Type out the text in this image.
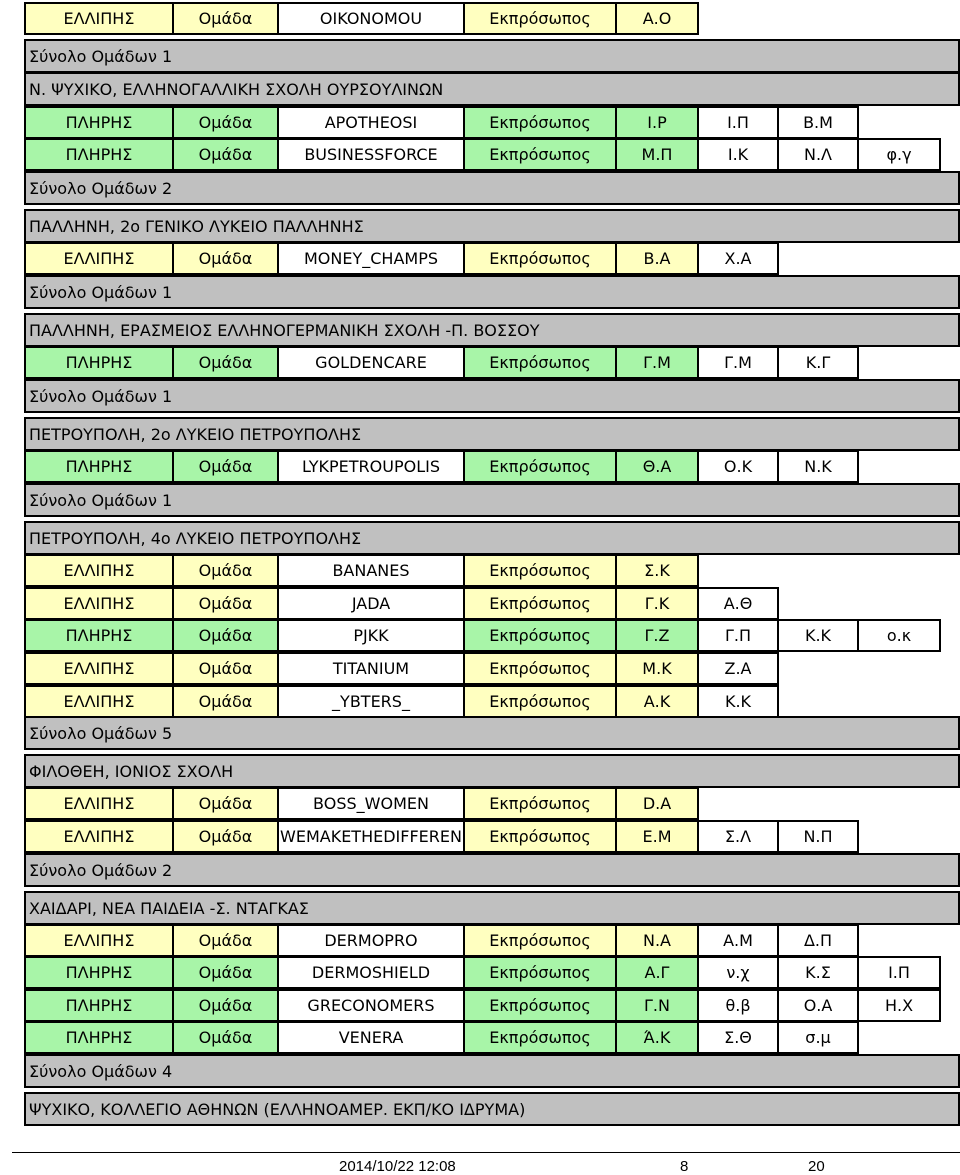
ΕΛΛΙΠΗΣ	Ομάδα	OIKONOMOU	Εκπρόσωπος	Α.Ο
Σύνολο Ομάδων 1
Ν. ΨΥΧΙΚΟ, ΕΛΛΗΝΟΓΑΛΛΙΚΗ ΣΧΟΛΗ ΟΥΡΣΟΥΛΙΝΩΝ
ΠΛΗΡΗΣ	Ομάδα	APOTHEOSI	Εκπρόσωπος	Ι.Ρ	Ι.Π	Β.Μ
ΠΛΗΡΗΣ	Ομάδα	BUSINESSFORCE	Εκπρόσωπος	Μ.Π	Ι.Κ	Ν.Λ	φ.γ
Σύνολο Ομάδων 2
ΠΑΛΛΗΝΗ, 2ο ΓΕΝΙΚΟ ΛΥΚΕΙΟ ΠΑΛΛΗΝΗΣ
ΕΛΛΙΠΗΣ	Ομάδα	MONEY_CHAMPS	Εκπρόσωπος	Β.Α	Χ.Α
Σύνολο Ομάδων 1
ΠΑΛΛΗΝΗ, ΕΡΑΣΜΕΙΟΣ ΕΛΛΗΝΟΓΕΡΜΑΝΙΚΗ ΣΧΟΛΗ -Π. ΒΟΣΣΟΥ
ΠΛΗΡΗΣ	Ομάδα	GOLDENCARE	Εκπρόσωπος	Γ.Μ	Γ.Μ	Κ.Γ
Σύνολο Ομάδων 1
ΠΕΤΡΟΥΠΟΛΗ, 2ο ΛΥΚΕΙΟ ΠΕΤΡΟΥΠΟΛΗΣ
ΠΛΗΡΗΣ	Ομάδα	LYKPETROUPOLIS	Εκπρόσωπος	Θ.Α	Ο.Κ	Ν.Κ
Σύνολο Ομάδων 1
ΠΕΤΡΟΥΠΟΛΗ, 4ο ΛΥΚΕΙΟ ΠΕΤΡΟΥΠΟΛΗΣ
ΕΛΛΙΠΗΣ	Ομάδα	BANANES	Εκπρόσωπος	Σ.Κ
ΕΛΛΙΠΗΣ	Ομάδα	JADA	Εκπρόσωπος	Γ.Κ	Α.Θ
ΠΛΗΡΗΣ	Ομάδα	PJKK	Εκπρόσωπος	Γ.Ζ	Γ.Π	Κ.Κ	ο.κ
ΕΛΛΙΠΗΣ	Ομάδα	TITANIUM	Εκπρόσωπος	Μ.Κ	Ζ.Α
ΕΛΛΙΠΗΣ	Ομάδα	_YBTERS_	Εκπρόσωπος	Α.Κ	Κ.Κ
Σύνολο Ομάδων 5
ΦΙΛΟΘΕΗ, ΙΟΝΙΟΣ ΣΧΟΛΗ
ΕΛΛΙΠΗΣ	Ομάδα	BOSS_WOMEN	Εκπρόσωπος	D.Α
ΕΛΛΙΠΗΣ	Ομάδα	WEMAKETHEDIFFEREN	Εκπρόσωπος	Ε.Μ	Σ.Λ	Ν.Π
Σύνολο Ομάδων 2
ΧΑΙΔΑΡΙ, ΝΕΑ ΠΑΙΔΕΙΑ -Σ. ΝΤΑΓΚΑΣ
ΕΛΛΙΠΗΣ	Ομάδα	DERMOPRO	Εκπρόσωπος	Ν.Α	Α.Μ	Δ.Π
ΠΛΗΡΗΣ	Ομάδα	DERMOSHIELD	Εκπρόσωπος	Α.Γ	ν.χ	Κ.Σ	Ι.Π
ΠΛΗΡΗΣ	Ομάδα	GRECONOMERS	Εκπρόσωπος	Γ.Ν	θ.β	Ο.Α	Η.Χ
ΠΛΗΡΗΣ	Ομάδα	VENERA	Εκπρόσωπος	Ά.Κ	Σ.Θ	σ.μ
Σύνολο Ομάδων 4
ΨΥΧΙΚΟ, ΚΟΛΛΕΓΙΟ ΑΘΗΝΩΝ (ΕΛΛΗΝΟΑΜΕΡ. ΕΚΠ/ΚΟ ΙΔΡΥΜΑ)
2014/10/22 12:08	8	20
